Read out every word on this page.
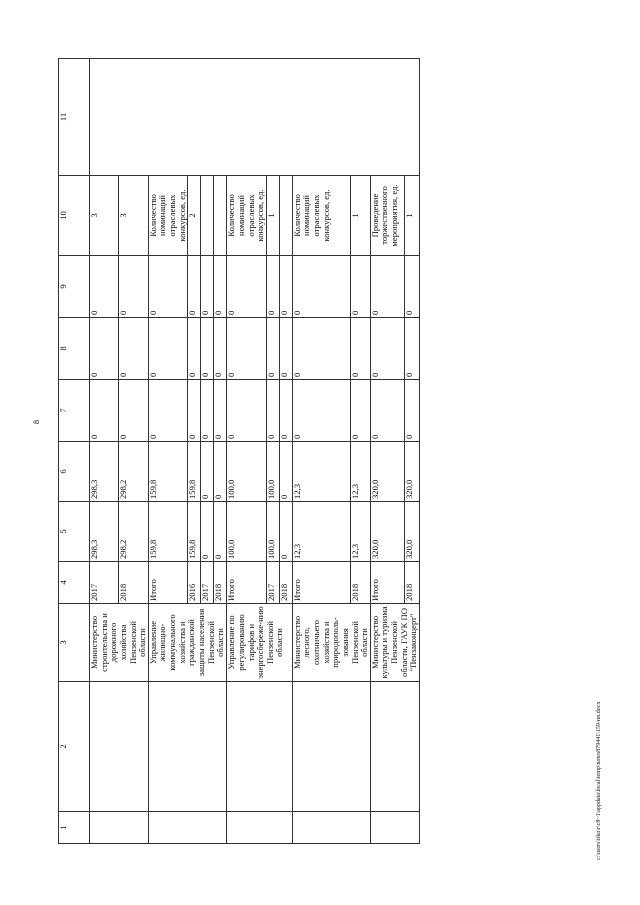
8
1	2	3	4	5	6	7	8	9	10	11
		Министерство строительства и дорожного хозяйства Пензенской области	2017	298,3	298,3	0	0	0	3	
			2018	298,2	298,2	0	0	0	3	
		Управление жилищно-коммунального хозяйства и гражданской защиты населения Пензенской области	Итого	159,8	159,8	0	0	0	Количество номинаций отраслевых конкурсов, ед.	
			2016	159,8	159,8	0	0	0	2	
			2017	0	0	0	0	0		
			2018	0	0	0	0	0		
		Управление по регулированию тарифов и энергосбереже-нию Пензенской области	Итого	100,0	100,0	0	0	0	Количество номинаций отраслевых конкурсов, ед.	
			2017	100,0	100,0	0	0	0	1	
			2018	0	0	0	0	0		
		Министерство лесного, охотничьего хозяйства и природополь-зования Пензенской области	Итого	12,3	12,3	0	0	0	Количество номинаций отраслевых конкурсов, ед.	
			2018	12,3	12,3	0	0	0	1	
		Министерство культуры и туризма Пензенской области, ГАУК ПО "Пензаконцерт"	Итого	320,0	320,0	0	0	0	Проведение торжественного мероприятия, ед.	
			2018	320,0	320,0	0	0	0	1	
c:\users\tiko\r\c8~1\appdata\local\temp\notes879441\159-нп.docx
